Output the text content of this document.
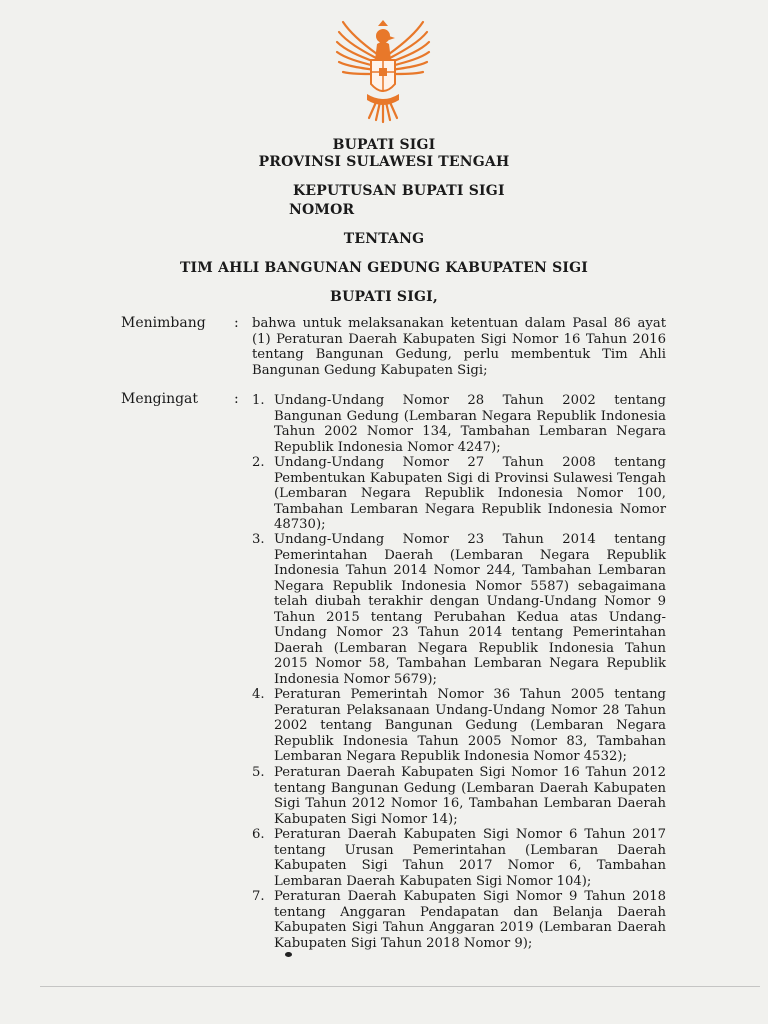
BUPATI SIGI
PROVINSI SULAWESI TENGAH
KEPUTUSAN BUPATI SIGI
NOMOR
TENTANG
TIM AHLI BANGUNAN GEDUNG KABUPATEN SIGI
BUPATI SIGI,
Menimbang : bahwa untuk melaksanakan ketentuan dalam Pasal 86 ayat (1) Peraturan Daerah Kabupaten Sigi Nomor 16 Tahun 2016 tentang Bangunan Gedung, perlu membentuk Tim Ahli Bangunan Gedung Kabupaten Sigi;
Mengingat	: 1. Undang-Undang Nomor 28 Tahun 2002 tentang Bangunan Gedung (Lembaran Negara Republik Indonesia Tahun 2002 Nomor 134, Tambahan Lembaran Negara Republik Indonesia Nomor 4247);
2. Undang-Undang Nomor 27 Tahun 2008 tentang Pembentukan Kabupaten Sigi di Provinsi Sulawesi Tengah (Lembaran Negara Republik Indonesia Nomor 100, Tambahan Lembaran Negara Republik Indonesia Nomor 48730);
3. Undang-Undang Nomor 23 Tahun 2014 tentang Pemerintahan Daerah (Lembaran Negara Republik Indonesia Tahun 2014 Nomor 244, Tambahan Lembaran Negara Republik Indonesia Nomor 5587) sebagaimana telah diubah terakhir dengan Undang-Undang Nomor 9 Tahun 2015 tentang Perubahan Kedua atas Undang-Undang Nomor 23 Tahun 2014 tentang Pemerintahan Daerah (Lembaran Negara Republik Indonesia Tahun 2015 Nomor 58, Tambahan Lembaran Negara Republik Indonesia Nomor 5679);
4. Peraturan Pemerintah Nomor 36 Tahun 2005 tentang Peraturan Pelaksanaan Undang-Undang Nomor 28 Tahun 2002 tentang Bangunan Gedung (Lembaran Negara Republik Indonesia Tahun 2005 Nomor 83, Tambahan Lembaran Negara Republik Indonesia Nomor 4532);
5. Peraturan Daerah Kabupaten Sigi Nomor 16 Tahun 2012 tentang Bangunan Gedung (Lembaran Daerah Kabupaten Sigi Tahun 2012 Nomor 16, Tambahan Lembaran Daerah Kabupaten Sigi Nomor 14);
6. Peraturan Daerah Kabupaten Sigi Nomor 6 Tahun 2017 tentang Urusan Pemerintahan (Lembaran Daerah Kabupaten Sigi Tahun 2017 Nomor 6, Tambahan Lembaran Daerah Kabupaten Sigi Nomor 104);
7. Peraturan Daerah Kabupaten Sigi Nomor 9 Tahun 2018 tentang Anggaran Pendapatan dan Belanja Daerah Kabupaten Sigi Tahun Anggaran 2019 (Lembaran Daerah Kabupaten Sigi Tahun 2018 Nomor 9);
